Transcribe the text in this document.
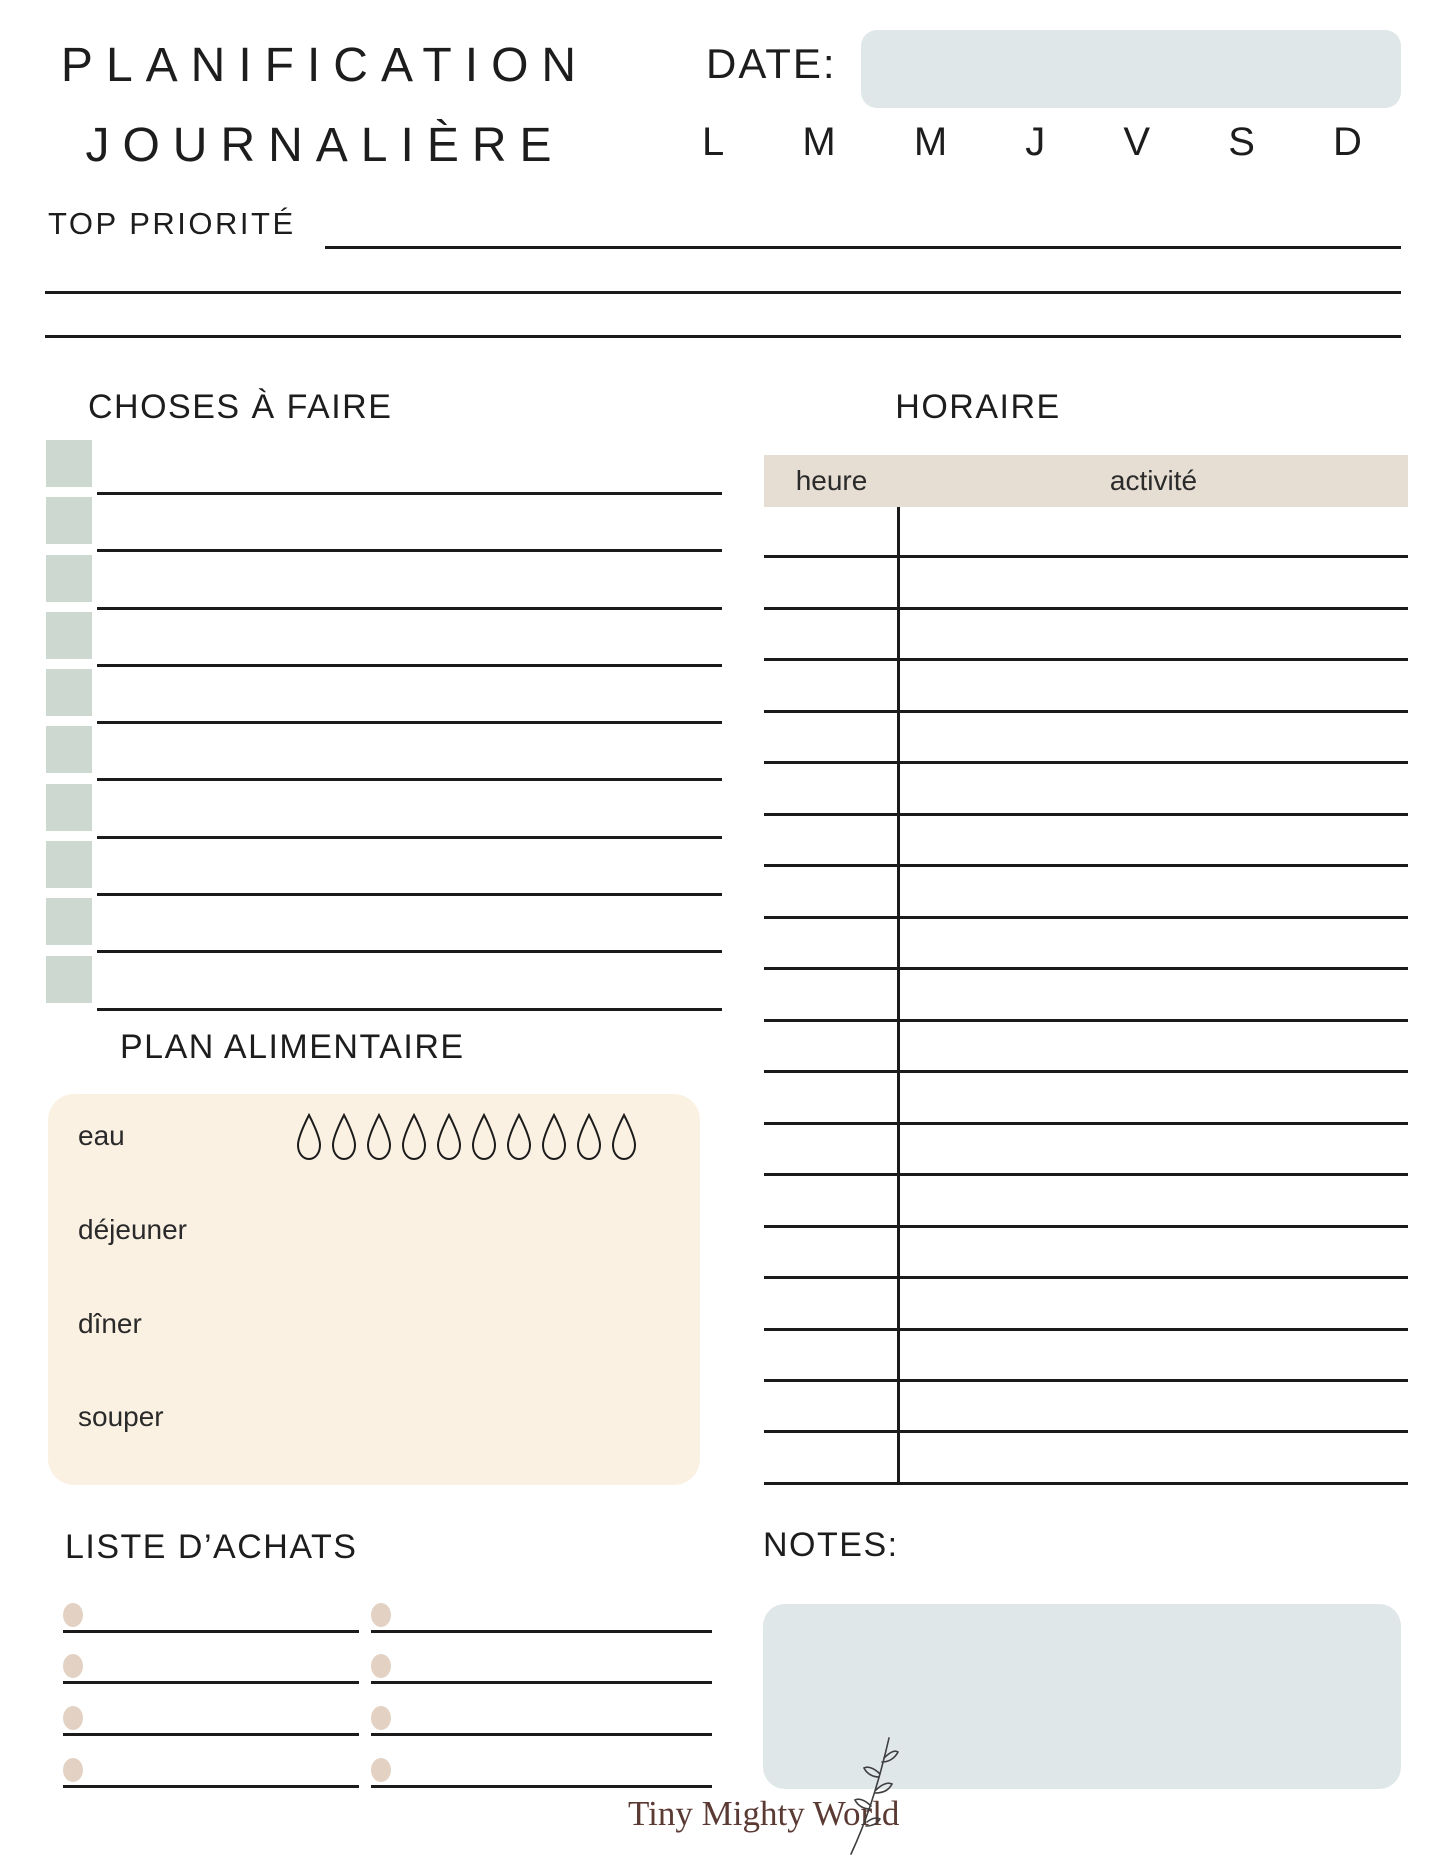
PLANIFICATION
JOURNALIÈRE
DATE:
L M M J V S D
TOP PRIORITÉ
CHOSES À FAIRE	HORAIRE
heure	activité
PLAN ALIMENTAIRE
eau
déjeuner
dîner
souper
NOTES:
LISTE D’ACHATS
Tiny Mighty World
